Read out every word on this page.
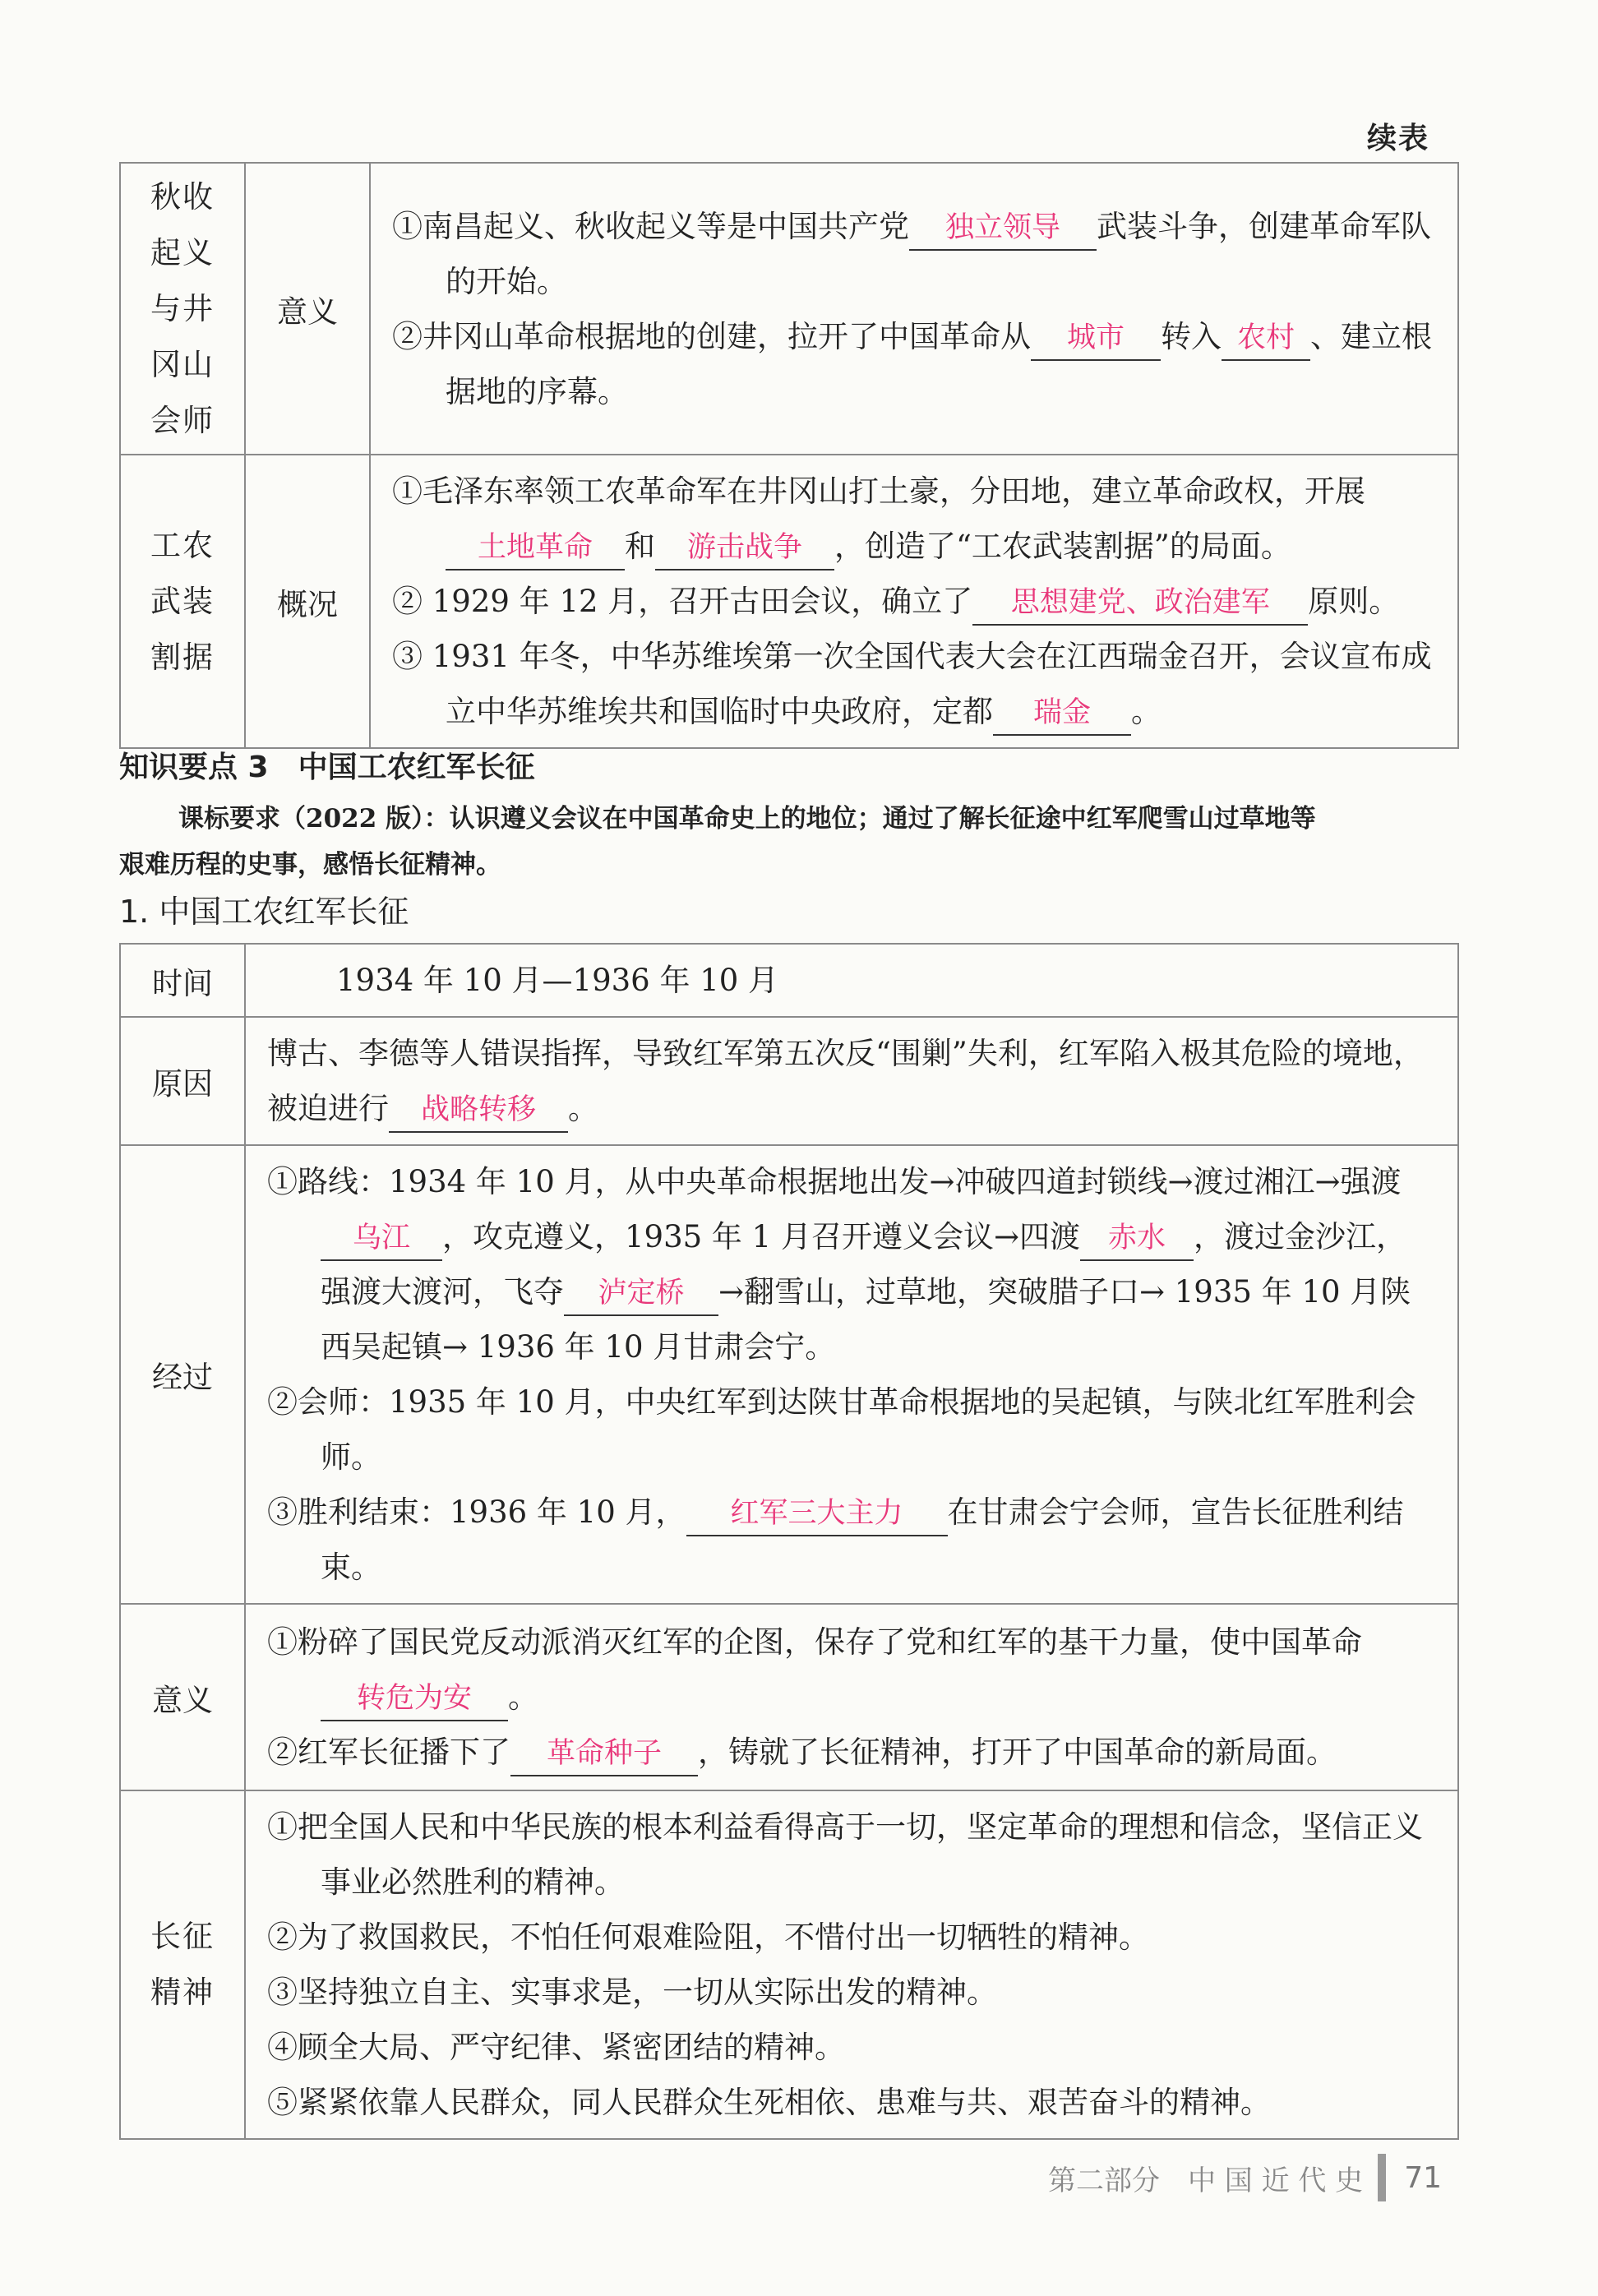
续表
秋收
起义
与井
冈山
会师	意义	①南昌起义、秋收起义等是中国共产党 独立领导 武装斗争，创建革命军队的开始。
②井冈山革命根据地的创建，拉开了中国革命从 城市 转入 农村 、建立根据地的序幕。

工农
武装
割据	概况	①毛泽东率领工农革命军在井冈山打土豪，分田地，建立革命政权，开展土地革命 和 游击战争 ，创造了“工农武装割据”的局面。
② 1929 年 12 月，召开古田会议，确立了 思想建党、政治建军 原则。
③ 1931 年冬，中华苏维埃第一次全国代表大会在江西瑞金召开，会议宣布成立中华苏维埃共和国临时中央政府，定都 瑞金 。
知识要点 3　中国工农红军长征
课标要求（2022 版）：认识遵义会议在中国革命史上的地位；通过了解长征途中红军爬雪山过草地等
艰难历程的史事，感悟长征精神。
1. 中国工农红军长征
时间	1934 年 10 月—1936 年 10 月
原因	博古、李德等人错误指挥，导致红军第五次反“围剿”失利，红军陷入极其危险的境地，被迫进行 战略转移 。

经过	①路线：1934 年 10 月，从中央革命根据地出发→冲破四道封锁线→渡过湘江→强渡乌江 ，攻克遵义，1935 年 1 月召开遵义会议→四渡 赤水 ，渡过金沙江，强渡大渡河，飞夺 泸定桥 →翻雪山，过草地，突破腊子口→ 1935 年 10 月陕西吴起镇→ 1936 年 10 月甘肃会宁。
②会师：1935 年 10 月，中央红军到达陕甘革命根据地的吴起镇，与陕北红军胜利会师。
③胜利结束：1936 年 10 月， 红军三大主力 在甘肃会宁会师，宣告长征胜利结束。

意义	①粉碎了国民党反动派消灭红军的企图，保存了党和红军的基干力量，使中国革命转危为安 。
②红军长征播下了 革命种子 ，铸就了长征精神，打开了中国革命的新局面。

长征
精神	①把全国人民和中华民族的根本利益看得高于一切，坚定革命的理想和信念，坚信正义事业必然胜利的精神。
②为了救国救民，不怕任何艰难险阻，不惜付出一切牺牲的精神。
③坚持独立自主、实事求是，一切从实际出发的精神。
④顾全大局、严守纪律、紧密团结的精神。
⑤紧紧依靠人民群众，同人民群众生死相依、患难与共、艰苦奋斗的精神。
第二部分　中 国 近 代 史 71
